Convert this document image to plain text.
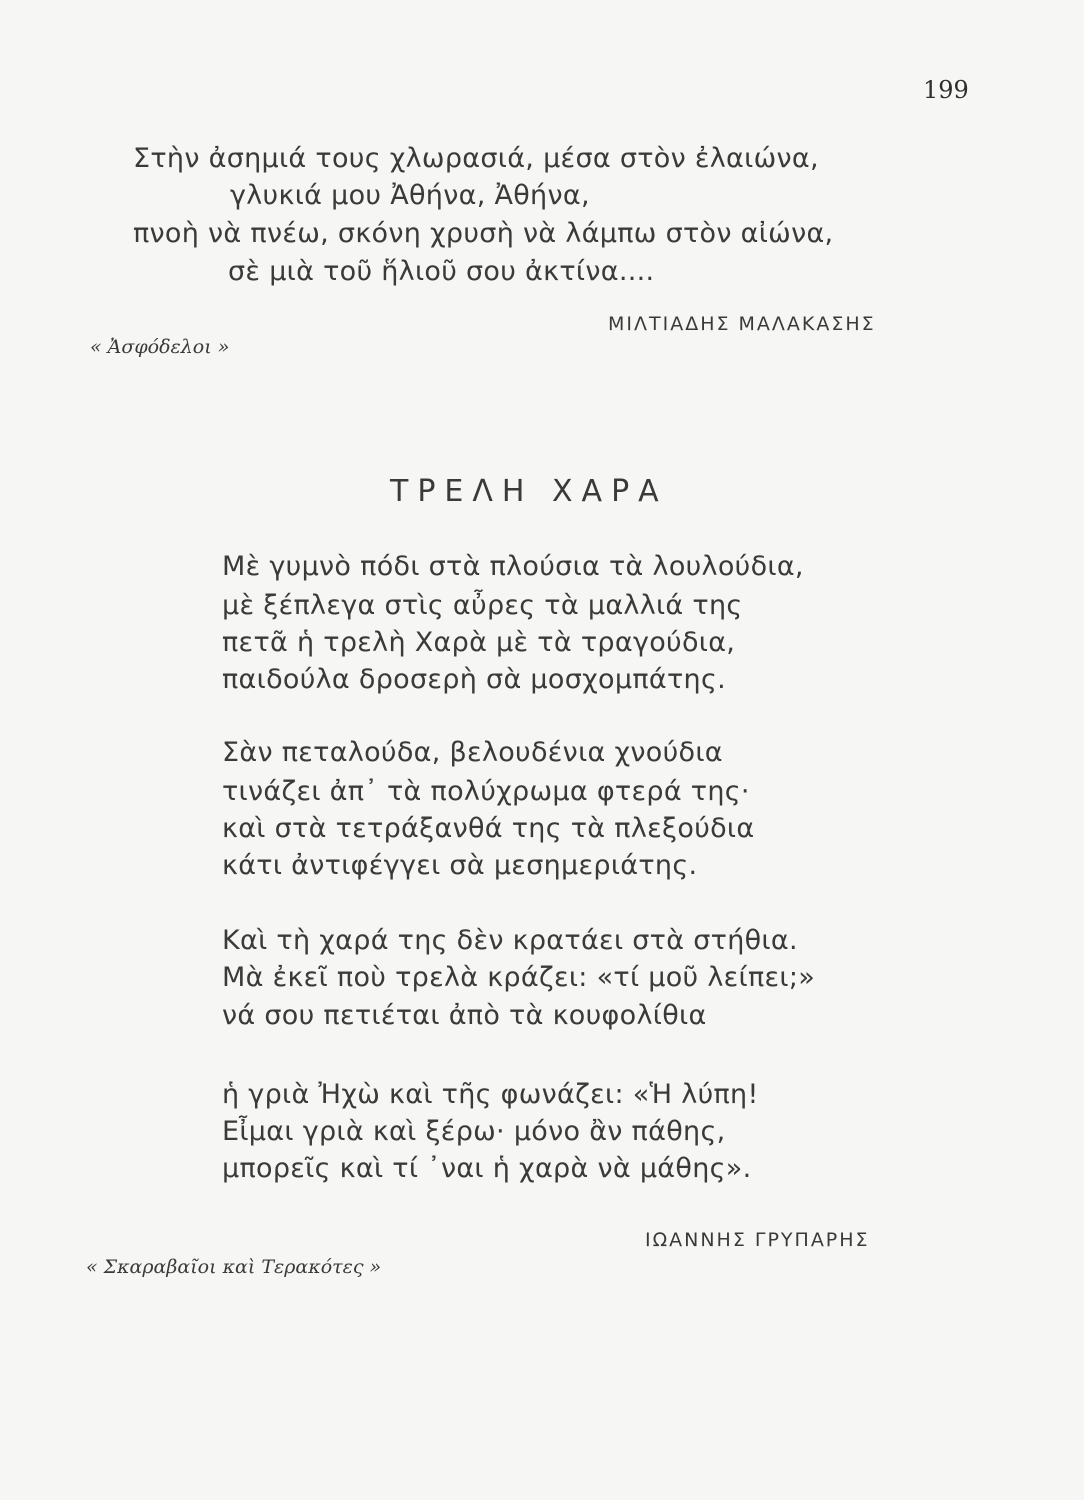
199
Στὴν ἀσημιά τους χλωρασιά, μέσα στὸν ἐλαιώνα,
γλυκιά μου Ἀθήνα, Ἀθήνα,
πνοὴ νὰ πνέω, σκόνη χρυσὴ νὰ λάμπω στὸν αἰώνα,
σὲ μιὰ τοῦ ἥλιοῦ σου ἀκτίνα....
ΜΙΛΤΙΑΔΗΣ ΜΑΛΑΚΑΣΗΣ
« Ἀσφόδελοι »
ΤΡΕΛΗ ΧΑΡΑ
Μὲ γυμνὸ πόδι στὰ πλούσια τὰ λουλούδια,
μὲ ξέπλεγα στὶς αὖρες τὰ μαλλιά της
πετᾶ ἡ τρελὴ Χαρὰ μὲ τὰ τραγούδια,
παιδούλα δροσερὴ σὰ μοσχομπάτης.
Σὰν πεταλούδα, βελουδένια χνούδια
τινάζει ἀπ᾽ τὰ πολύχρωμα φτερά της·
καὶ στὰ τετράξανθά της τὰ πλεξούδια
κάτι ἀντιφέγγει σὰ μεσημεριάτης.
Καὶ τὴ χαρά της δὲν κρατάει στὰ στήθια.
Μὰ ἐκεῖ ποὺ τρελὰ κράζει: «τί μοῦ λείπει;»
νά σου πετιέται ἀπὸ τὰ κουφολίθια
ἡ γριὰ Ἠχὼ καὶ τῆς φωνάζει: «Ἡ λύπη!
Εἶμαι γριὰ καὶ ξέρω· μόνο ἂν πάθης,
μπορεῖς καὶ τί ᾽ναι ἡ χαρὰ νὰ μάθης».
ΙΩΑΝΝΗΣ ΓΡΥΠΑΡΗΣ
« Σκαραβαῖοι καὶ Τερακότες »
